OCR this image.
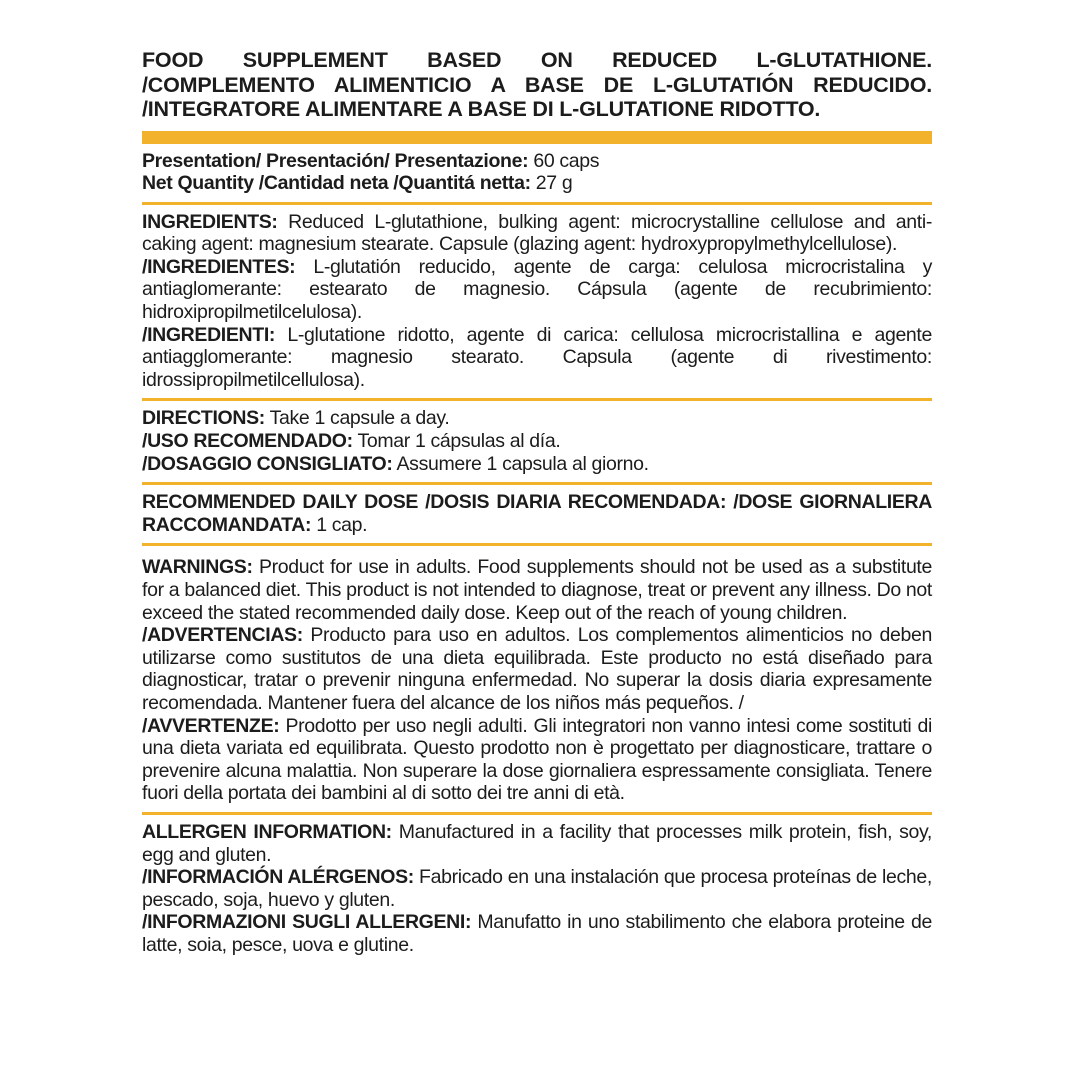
FOOD SUPPLEMENT BASED ON REDUCED L-GLUTATHIONE. /COMPLEMENTO ALIMENTICIO A BASE DE L-GLUTATIÓN REDUCIDO. /INTEGRATORE ALIMENTARE A BASE DI L-GLUTATIONE RIDOTTO.

Presentation/ Presentación/ Presentazione: 60 caps

Net Quantity /Cantidad neta /Quantitá netta: 27 g

INGREDIENTS: Reduced L-glutathione, bulking agent: microcrystalline cellulose and anti-caking agent: magnesium stearate. Capsule (glazing agent: hydroxypropylmethylcellulose).

/INGREDIENTES: L-glutatión reducido, agente de carga: celulosa microcristalina y antiaglomerante: estearato de magnesio. Cápsula (agente de recubrimiento: hidroxipropilmetilcelulosa).

/INGREDIENTI: L-glutatione ridotto, agente di carica: cellulosa microcristallina e agente antiagglomerante: magnesio stearato. Capsula (agente di rivestimento: idrossipropilmetilcellulosa).

DIRECTIONS: Take 1 capsule a day.

/USO RECOMENDADO: Tomar 1 cápsulas al día.

/DOSAGGIO CONSIGLIATO: Assumere 1 capsula al giorno.

RECOMMENDED DAILY DOSE /DOSIS DIARIA RECOMENDADA: /DOSE GIORNALIERA RACCOMANDATA: 1 cap.

WARNINGS: Product for use in adults. Food supplements should not be used as a substitute for a balanced diet. This product is not intended to diagnose, treat or prevent any illness. Do not exceed the stated recommended daily dose. Keep out of the reach of young children.

/ADVERTENCIAS: Producto para uso en adultos. Los complementos alimenticios no deben utilizarse como sustitutos de una dieta equilibrada. Este producto no está diseñado para diagnosticar, tratar o prevenir ninguna enfermedad. No superar la dosis diaria expresamente recomendada. Mantener fuera del alcance de los niños más pequeños. /

/AVVERTENZE: Prodotto per uso negli adulti. Gli integratori non vanno intesi come sostituti di una dieta variata ed equilibrata. Questo prodotto non è progettato per diagnosticare, trattare o prevenire alcuna malattia. Non superare la dose giornaliera espressamente consigliata. Tenere fuori della portata dei bambini al di sotto dei tre anni di età.

ALLERGEN INFORMATION: Manufactured in a facility that processes milk protein, fish, soy, egg and gluten.

/INFORMACIÓN ALÉRGENOS: Fabricado en una instalación que procesa proteínas de leche, pescado, soja, huevo y gluten.

/INFORMAZIONI SUGLI ALLERGENI: Manufatto in uno stabilimento che elabora proteine de latte, soia, pesce, uova e glutine.
